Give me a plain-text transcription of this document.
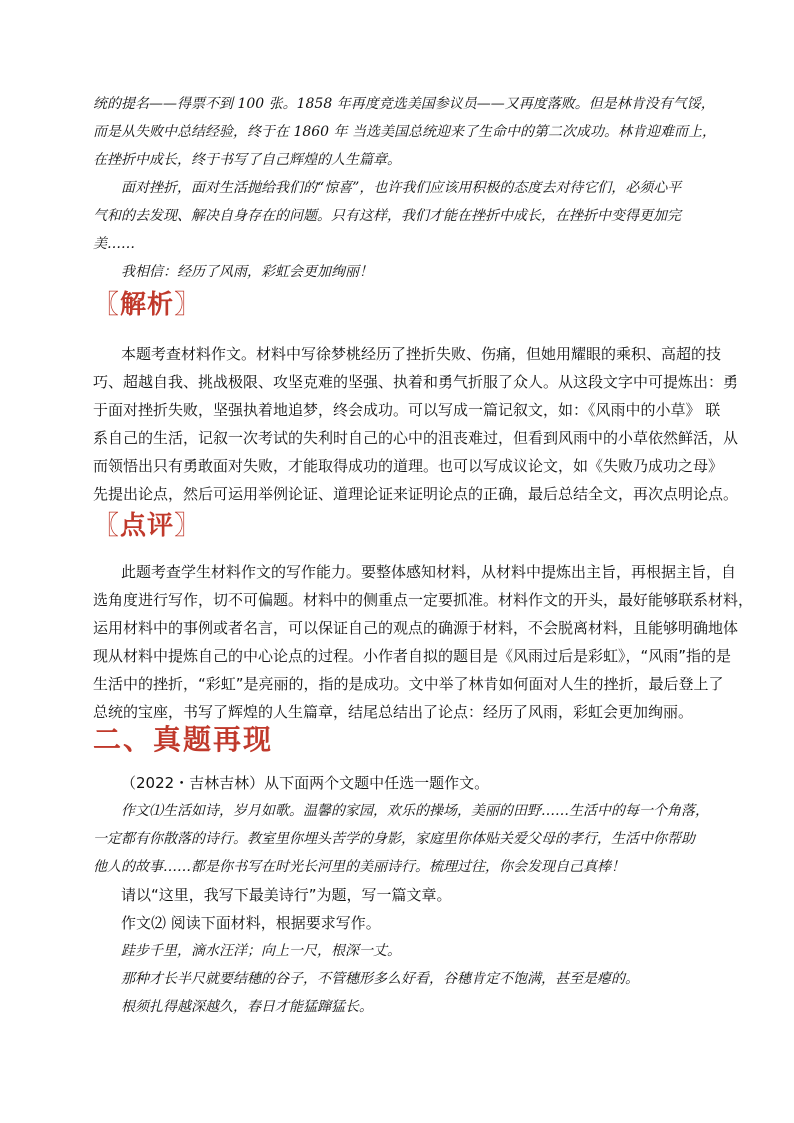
统的提名——得票不到 100 张。1858 年再度竞选美国参议员——又再度落败。但是林肯没有气馁，
而是从失败中总结经验，终于在 1860 年 当选美国总统迎来了生命中的第二次成功。林肯迎难而上，
在挫折中成长，终于书写了自己辉煌的人生篇章。
面对挫折，面对生活抛给我们的“惊喜”，也许我们应该用积极的态度去对待它们，必须心平
气和的去发现、解决自身存在的问题。只有这样，我们才能在挫折中成长，在挫折中变得更加完
美……
我相信：经历了风雨，彩虹会更加绚丽！
〖解析〗
本题考查材料作文。材料中写徐梦桃经历了挫折失败、伤痛，但她用耀眼的乘积、高超的技
巧、超越自我、挑战极限、攻坚克难的坚强、执着和勇气折服了众人。从这段文字中可提炼出：勇
于面对挫折失败，坚强执着地追梦，终会成功。可以写成一篇记叙文，如：《风雨中的小草》 联
系自己的生活，记叙一次考试的失利时自己的心中的沮丧难过，但看到风雨中的小草依然鲜活，从
而领悟出只有勇敢面对失败，才能取得成功的道理。也可以写成议论文，如《失败乃成功之母》
先提出论点，然后可运用举例论证、道理论证来证明论点的正确，最后总结全文，再次点明论点。
〖点评〗
此题考查学生材料作文的写作能力。要整体感知材料，从材料中提炼出主旨，再根据主旨，自
选角度进行写作，切不可偏题。材料中的侧重点一定要抓准。材料作文的开头，最好能够联系材料，
运用材料中的事例或者名言，可以保证自己的观点的确源于材料，不会脱离材料，且能够明确地体
现从材料中提炼自己的中心论点的过程。小作者自拟的题目是《风雨过后是彩虹》，“风雨”指的是
生活中的挫折，“彩虹”是亮丽的，指的是成功。文中举了林肯如何面对人生的挫折，最后登上了
总统的宝座，书写了辉煌的人生篇章，结尾总结出了论点：经历了风雨，彩虹会更加绚丽。
二、真题再现
（2022・吉林吉林）从下面两个文题中任选一题作文。
作文⑴生活如诗，岁月如歌。温馨的家园，欢乐的操场，美丽的田野……生活中的每一个角落，
一定都有你散落的诗行。教室里你埋头苦学的身影，家庭里你体贴关爱父母的孝行，生活中你帮助
他人的故事……都是你书写在时光长河里的美丽诗行。梳理过往，你会发现自己真棒！
请以“这里，我写下最美诗行”为题，写一篇文章。
作文⑵ 阅读下面材料，根据要求写作。
跬步千里，滴水汪洋；向上一尺，根深一丈。
那种才长半尺就要结穗的谷子，不管穗形多么好看，谷穗肯定不饱满，甚至是瘪的。
根须扎得越深越久，春日才能猛蹿猛长。
